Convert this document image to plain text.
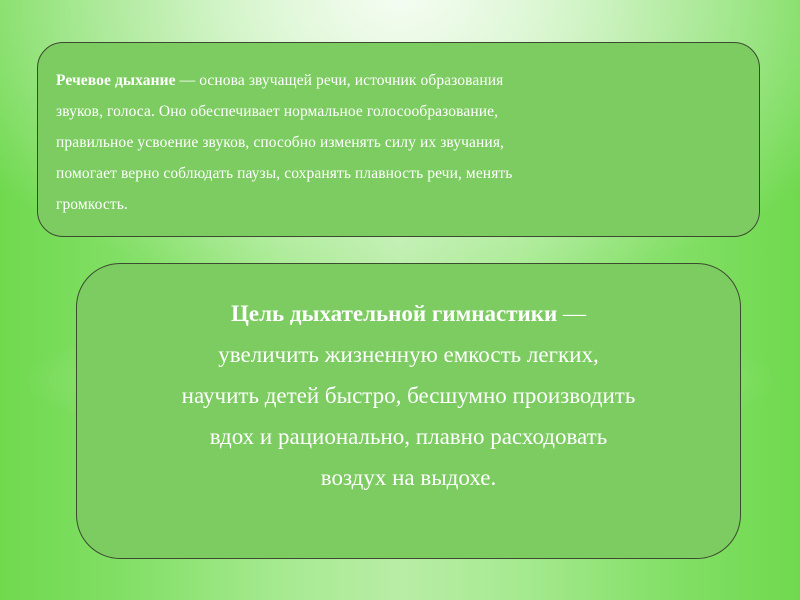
Речевое дыхание — основа звучащей речи, источник образования
звуков, голоса. Оно обеспечивает нормальное голосообразование,
правильное усвоение звуков, способно изменять силу их звучания,
помогает верно соблюдать паузы, сохранять плавность речи, менять
громкость.
Цель дыхательной гимнастики —
увеличить жизненную емкость легких,
научить детей быстро, бесшумно производить
вдох и рационально, плавно расходовать
воздух на выдохе.
